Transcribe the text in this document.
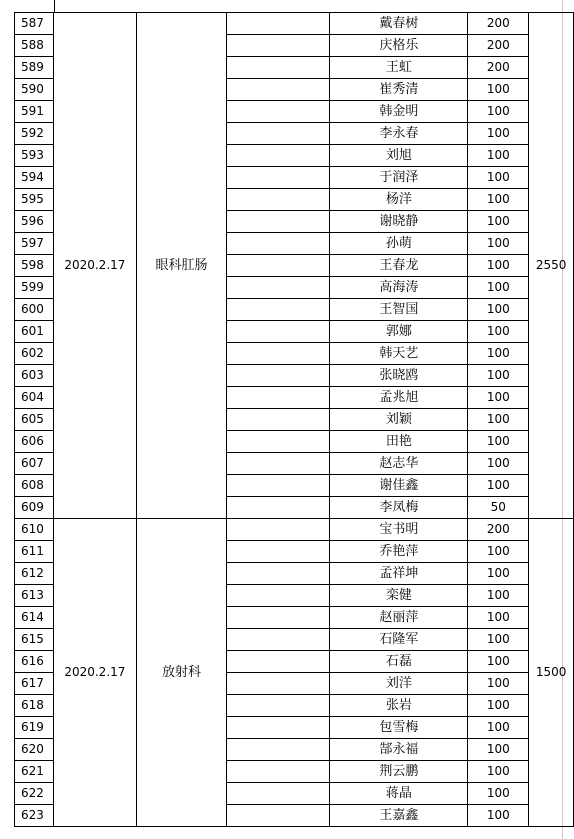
587	2020.2.17	眼科肛肠		戴春树	200	2550
588				庆格乐	200	
589				王虹	200	
590				崔秀清	100	
591				韩金明	100	
592				李永春	100	
593				刘旭	100	
594				于润泽	100	
595				杨洋	100	
596				谢晓静	100	
597				孙萌	100	
598				王春龙	100	
599				高海涛	100	
600				王智国	100	
601				郭娜	100	
602				韩天艺	100	
603				张晓鸥	100	
604				孟兆旭	100	
605				刘颖	100	
606				田艳	100	
607				赵志华	100	
608				谢佳鑫	100	
609				李凤梅	50	
610	2020.2.17	放射科		宝书明	200	1500
611				乔艳萍	100	
612				孟祥坤	100	
613				栾健	100	
614				赵丽萍	100	
615				石隆军	100	
616				石磊	100	
617				刘洋	100	
618				张岩	100	
619				包雪梅	100	
620				郜永福	100	
621				荆云鹏	100	
622				蒋晶	100	
623				王嘉鑫	100	
